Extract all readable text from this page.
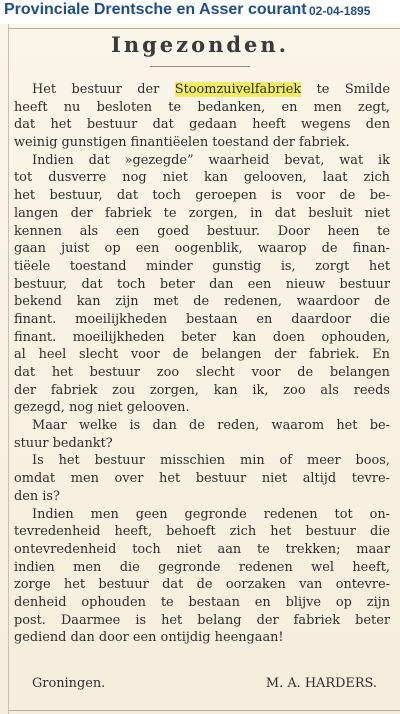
Provinciale Drentsche en Asser courant 02-04-1895
Ingezonden.
Het bestuur der Stoomzuivelfabriek te Smilde
heeft nu besloten te bedanken, en men zegt,
dat het bestuur dat gedaan heeft wegens den
weinig gunstigen finantiëelen toestand der fabriek.
Indien dat »gezegde” waarheid bevat, wat ik
tot dusverre nog niet kan gelooven, laat zich
het bestuur, dat toch geroepen is voor de be-
langen der fabriek te zorgen, in dat besluit niet
kennen als een goed bestuur. Door heen te
gaan juist op een oogenblik, waarop de finan-
tiëele toestand minder gunstig is, zorgt het
bestuur, dat toch beter dan een nieuw bestuur
bekend kan zijn met de redenen, waardoor de
finant. moeilijkheden bestaan en daardoor die
finant. moeilijkheden beter kan doen ophouden,
al heel slecht voor de belangen der fabriek. En
dat het bestuur zoo slecht voor de belangen
der fabriek zou zorgen, kan ik, zoo als reeds
gezegd, nog niet gelooven.
Maar welke is dan de reden, waarom het be-
stuur bedankt?
Is het bestuur misschien min of meer boos,
omdat men over het bestuur niet altijd tevre-
den is?
Indien men geen gegronde redenen tot on-
tevredenheid heeft, behoeft zich het bestuur die
ontevredenheid toch niet aan te trekken; maar
indien men die gegronde redenen wel heeft,
zorge het bestuur dat de oorzaken van ontevre-
denheid ophouden te bestaan en blijve op zijn
post. Daarmee is het belang der fabriek beter
gediend dan door een ontijdig heengaan!
Groningen.	M. A. HARDERS.
